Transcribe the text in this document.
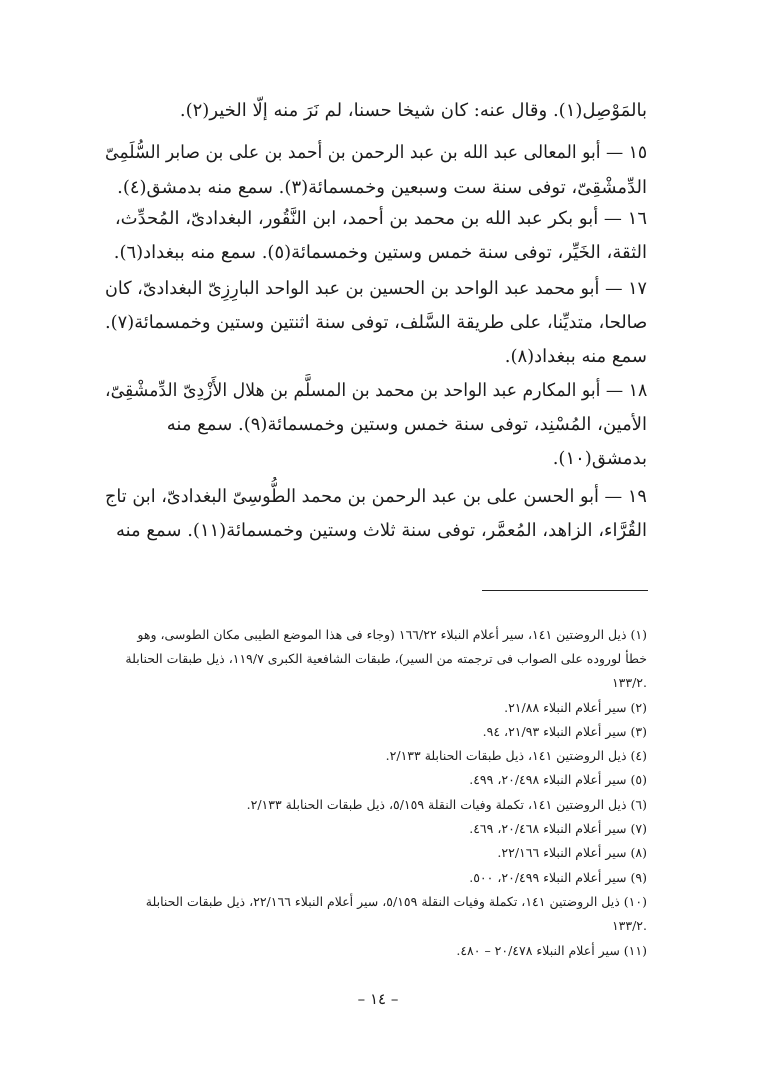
بالمَوْصِل(١). وقال عنه: كان شيخا حسنا، لم نَرَ منه إلّا الخير(٢).
١٥ — أبو المعالى عبد الله بن عبد الرحمن بن أحمد بن على بن صابر السُّلَمِىّ
الدِّمشْقِىّ، توفى سنة ست وسبعين وخمسمائة(٣). سمع منه بدمشق(٤).
١٦ — أبو بكر عبد الله بن محمد بن أحمد، ابن النَّقُور، البغدادىّ، المُحدِّث،
الثقة، الخَيِّر، توفى سنة خمس وستين وخمسمائة(٥). سمع منه ببغداد(٦).
١٧ — أبو محمد عبد الواحد بن الحسين بن عبد الواحد البارِزِىّ البغدادىّ، كان
صالحا، متديِّنا، على طريقة السَّلف، توفى سنة اثنتين وستين وخمسمائة(٧).
سمع منه ببغداد(٨).
١٨ — أبو المكارم عبد الواحد بن محمد بن المسلَّم بن هلال الأَزْدِىّ الدِّمشْقِىّ،
الأمين، المُسْنِد، توفى سنة خمس وستين وخمسمائة(٩). سمع منه
بدمشق(١٠).
١٩ — أبو الحسن على بن عبد الرحمن بن محمد الطُّوسِىّ البغدادىّ، ابن تاج
القُرَّاء، الزاهد، المُعمَّر، توفى سنة ثلاث وستين وخمسمائة(١١). سمع منه
(١) ذيل الروضتين ١٤١، سير أعلام النبلاء ١٦٦/٢٢ (وجاء فى هذا الموضع الطيبى مكان الطوسى، وهو
خطأ لوروده على الصواب فى ترجمته من السير)، طبقات الشافعية الكبرى ١١٩/٧، ذيل طبقات الحنابلة
١٣٣/٢.
(٢) سير أعلام النبلاء ٢١/٨٨.
(٣) سير أعلام النبلاء ٢١/٩٣، ٩٤.
(٤) ذيل الروضتين ١٤١، ذيل طبقات الحنابلة ٢/١٣٣.
(٥) سير أعلام النبلاء ٢٠/٤٩٨، ٤٩٩.
(٦) ذيل الروضتين ١٤١، تكملة وفيات النقلة ٥/١٥٩، ذيل طبقات الحنابلة ٢/١٣٣.
(٧) سير أعلام النبلاء ٢٠/٤٦٨، ٤٦٩.
(٨) سير أعلام النبلاء ٢٢/١٦٦.
(٩) سير أعلام النبلاء ٢٠/٤٩٩، ٥٠٠.
(١٠) ذيل الروضتين ١٤١، تكملة وفيات النقلة ٥/١٥٩، سير أعلام النبلاء ٢٢/١٦٦، ذيل طبقات الحنابلة
١٣٣/٢.
(١١) سير أعلام النبلاء ٢٠/٤٧٨ – ٤٨٠.
– ١٤ –
